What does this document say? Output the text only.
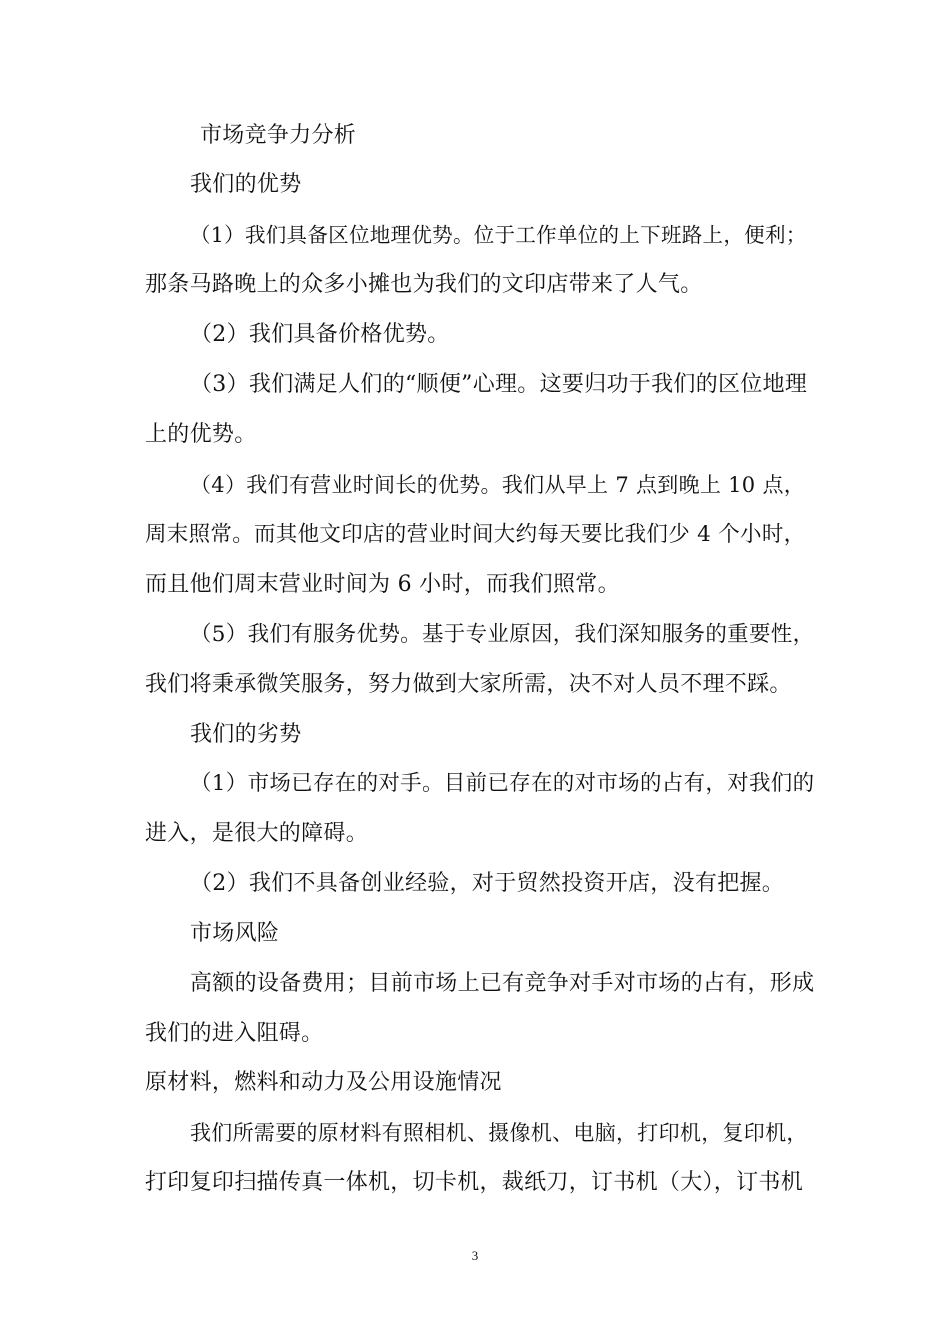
市场竞争力分析
我们的优势
（1）我们具备区位地理优势。位于工作单位的上下班路上，便利；
那条马路晚上的众多小摊也为我们的文印店带来了人气。
（2）我们具备价格优势。
（3）我们满足人们的“顺便”心理。这要归功于我们的区位地理
上的优势。
（4）我们有营业时间长的优势。我们从早上 7 点到晚上 10 点，
周末照常。而其他文印店的营业时间大约每天要比我们少 4 个小时，
而且他们周末营业时间为 6 小时，而我们照常。
（5）我们有服务优势。基于专业原因，我们深知服务的重要性，
我们将秉承微笑服务，努力做到大家所需，决不对人员不理不踩。
我们的劣势
（1）市场已存在的对手。目前已存在的对市场的占有，对我们的
进入，是很大的障碍。
（2）我们不具备创业经验，对于贸然投资开店，没有把握。
市场风险
高额的设备费用；目前市场上已有竞争对手对市场的占有，形成
我们的进入阻碍。
原材料，燃料和动力及公用设施情况
我们所需要的原材料有照相机、摄像机、电脑，打印机，复印机，
打印复印扫描传真一体机，切卡机，裁纸刀，订书机（大），订书机
3
